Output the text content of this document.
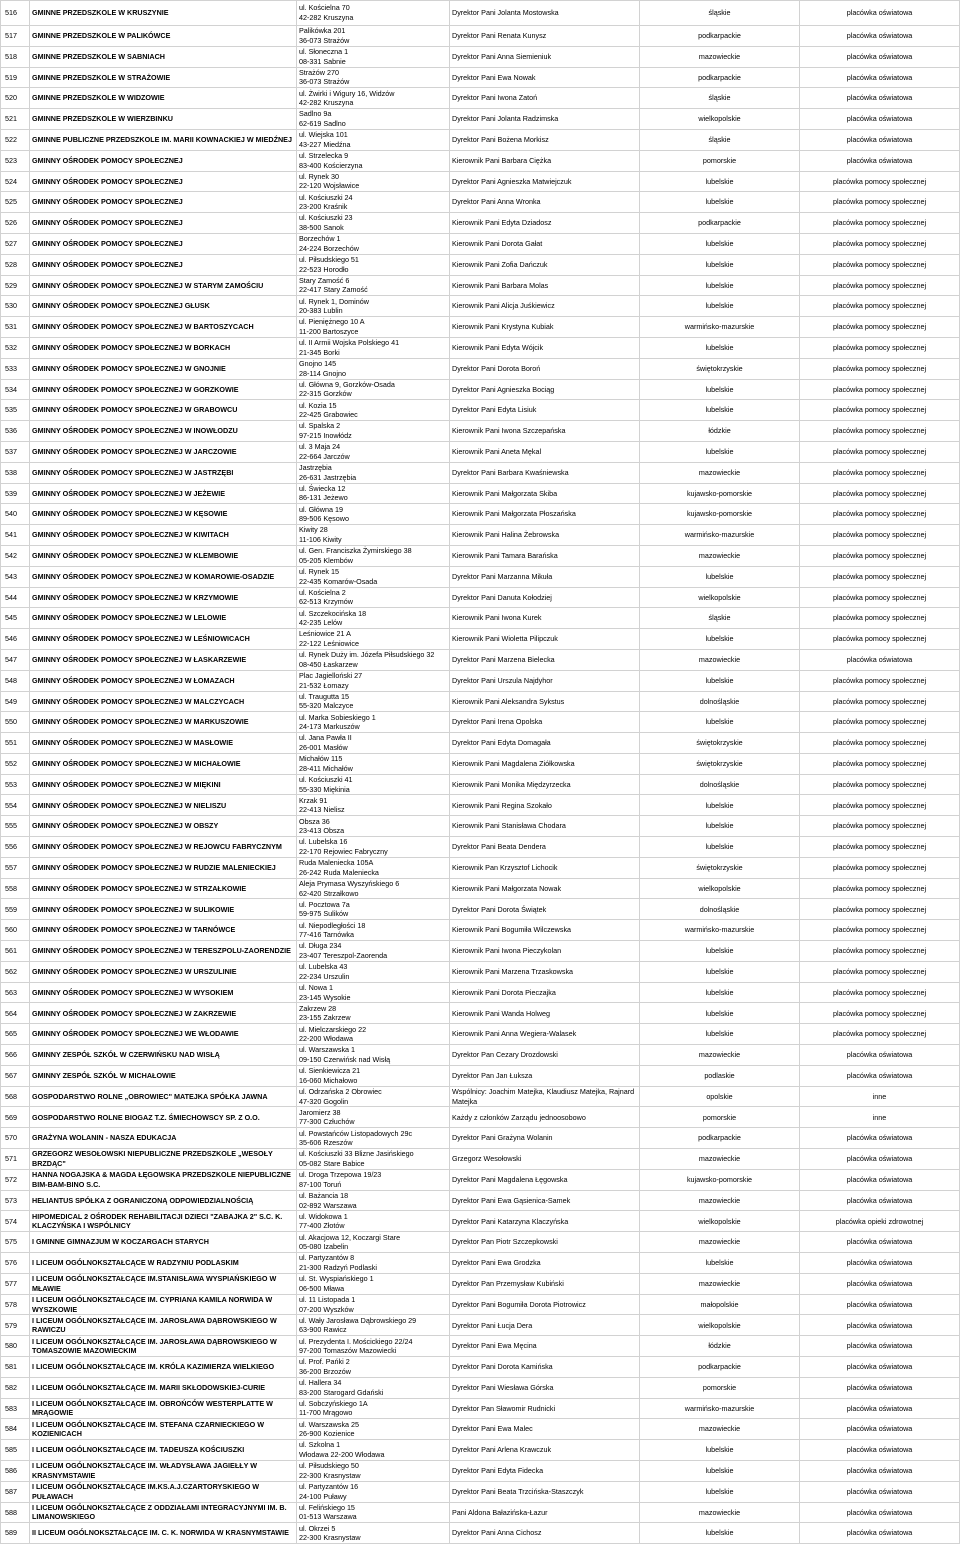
516	GMINNE PRZEDSZKOLE W KRUSZYNIE	ul. Kościelna 70
42-282 Kruszyna	Dyrektor Pani Jolanta Mostowska	śląskie	placówka oświatowa
517	GMINNE PRZEDSZKOLE W PALIKÓWCE	Palikówka 201
36-073 Strażów	Dyrektor Pani Renata Kunysz	podkarpackie	placówka oświatowa
518	GMINNE PRZEDSZKOLE W SABNIACH	ul. Słoneczna 1
08-331 Sabnie	Dyrektor Pani Anna Siemieniuk	mazowieckie	placówka oświatowa
519	GMINNE PRZEDSZKOLE W STRAŻOWIE	Strażów 270
36-073 Strażów	Dyrektor Pani Ewa Nowak	podkarpackie	placówka oświatowa
520	GMINNE PRZEDSZKOLE W WIDZOWIE	ul. Żwirki i Wigury 16, Widzów
42-282 Kruszyna	Dyrektor Pani Iwona Zatoń	śląskie	placówka oświatowa
521	GMINNE PRZEDSZKOLE W WIERZBINKU	Sadlno 9a
62-619 Sadlno	Dyrektor Pani Jolanta Radzimska	wielkopolskie	placówka oświatowa
522	GMINNE PUBLICZNE PRZEDSZKOLE IM. MARII KOWNACKIEJ W MIEDŹNEJ	ul. Wiejska 101
43-227 Miedźna	Dyrektor Pani Bożena Morkisz	śląskie	placówka oświatowa
523	GMINNY OŚRODEK POMOCY SPOŁECZNEJ	ul. Strzelecka 9
83-400 Kościerzyna	Kierownik Pani Barbara Ciężka	pomorskie	placówka oświatowa
524	GMINNY OŚRODEK POMOCY SPOŁECZNEJ	ul. Rynek 30
22-120 Wojsławice	Dyrektor Pani Agnieszka Matwiejczuk	lubelskie	placówka pomocy społecznej
525	GMINNY OŚRODEK POMOCY SPOŁECZNEJ	ul. Kościuszki 24
23-200 Kraśnik	Dyrektor Pani Anna Wronka	lubelskie	placówka pomocy społecznej
526	GMINNY OŚRODEK POMOCY SPOŁECZNEJ	ul. Kościuszki 23
38-500 Sanok	Kierownik Pani Edyta Dziadosz	podkarpackie	placówka pomocy społecznej
527	GMINNY OŚRODEK POMOCY SPOŁECZNEJ	Borzechów 1
24-224 Borzechów	Kierownik Pani Dorota Gałat	lubelskie	placówka pomocy społecznej
528	GMINNY OŚRODEK POMOCY SPOŁECZNEJ	ul. Piłsudskiego 51
22-523 Horodło	Kierownik Pani Zofia Dańczuk	lubelskie	placówka pomocy społecznej
529	GMINNY OŚRODEK POMOCY SPOŁECZNEJ W STARYM ZAMOŚCIU	Stary Zamość 6
22-417 Stary Zamość	Kierownik Pani Barbara Molas	lubelskie	placówka pomocy społecznej
530	GMINNY OŚRODEK POMOCY SPOŁECZNEJ GŁUSK	ul. Rynek 1, Dominów
20-383 Lublin	Kierownik Pani Alicja Juśkiewicz	lubelskie	placówka pomocy społecznej
531	GMINNY OŚRODEK POMOCY SPOŁECZNEJ W BARTOSZYCACH	ul. Pieniężnego 10 A
11-200 Bartoszyce	Kierownik Pani Krystyna Kubiak	warmińsko-mazurskie	placówka pomocy społecznej
532	GMINNY OŚRODEK POMOCY SPOŁECZNEJ W BORKACH	ul. II Armii Wojska Polskiego 41
21-345 Borki	Kierownik Pani Edyta Wójcik	lubelskie	placówka pomocy społecznej
533	GMINNY OŚRODEK POMOCY SPOŁECZNEJ W GNOJNIE	Gnojno 145
28-114 Gnojno	Dyrektor Pani Dorota Boroń	świętokrzyskie	placówka pomocy społecznej
534	GMINNY OŚRODEK POMOCY SPOŁECZNEJ W GORZKOWIE	ul. Główna 9, Gorzków-Osada
22-315 Gorzków	Dyrektor Pani Agnieszka Bociąg	lubelskie	placówka pomocy społecznej
535	GMINNY OŚRODEK POMOCY SPOŁECZNEJ W GRABOWCU	ul. Kozia 15
22-425 Grabowiec	Dyrektor Pani Edyta Lisiuk	lubelskie	placówka pomocy społecznej
536	GMINNY OŚRODEK POMOCY SPOŁECZNEJ W INOWŁODZU	ul. Spalska 2
97-215 Inowłódz	Kierownik Pani Iwona Szczepańska	łódzkie	placówka pomocy społecznej
537	GMINNY OŚRODEK POMOCY SPOŁECZNEJ W JARCZOWIE	ul. 3 Maja 24
22-664 Jarczów	Kierownik Pani Aneta Mękal	lubelskie	placówka pomocy społecznej
538	GMINNY OŚRODEK POMOCY SPOŁECZNEJ W JASTRZĘBI	Jastrzębia
26-631 Jastrzębia	Dyrektor Pani Barbara Kwaśniewska	mazowieckie	placówka pomocy społecznej
539	GMINNY OŚRODEK POMOCY SPOŁECZNEJ W JEŻEWIE	ul. Świecka 12
86-131 Jeżewo	Kierownik Pani Małgorzata Skiba	kujawsko-pomorskie	placówka pomocy społecznej
540	GMINNY OŚRODEK POMOCY SPOŁECZNEJ W KĘSOWIE	ul. Główna 19
89-506 Kęsowo	Kierownik Pani Małgorzata Płoszańska	kujawsko-pomorskie	placówka pomocy społecznej
541	GMINNY OŚRODEK POMOCY SPOŁECZNEJ W KIWITACH	Kiwity 28
11-106 Kiwity	Kierownik Pani Halina Żebrowska	warmińsko-mazurskie	placówka pomocy społecznej
542	GMINNY OŚRODEK POMOCY SPOŁECZNEJ W KLEMBOWIE	ul. Gen. Franciszka Żymirskiego 38
05-205 Klembów	Kierownik Pani Tamara Barańska	mazowieckie	placówka pomocy społecznej
543	GMINNY OŚRODEK POMOCY SPOŁECZNEJ W KOMAROWIE-OSADZIE	ul. Rynek 15
22-435 Komarów-Osada	Dyrektor Pani Marzanna Mikuła	lubelskie	placówka pomocy społecznej
544	GMINNY OŚRODEK POMOCY SPOŁECZNEJ W KRZYMOWIE	ul. Kościelna 2
62-513 Krzymów	Dyrektor Pani Danuta Kołodziej	wielkopolskie	placówka pomocy społecznej
545	GMINNY OŚRODEK POMOCY SPOŁECZNEJ W LELOWIE	ul. Szczekocińska 18
42-235 Lelów	Kierownik Pani Iwona Kurek	śląskie	placówka pomocy społecznej
546	GMINNY OŚRODEK POMOCY SPOŁECZNEJ W LEŚNIOWICACH	Leśniowice 21 A
22-122 Leśniowice	Kierownik Pani Wioletta Pilipczuk	lubelskie	placówka pomocy społecznej
547	GMINNY OŚRODEK POMOCY SPOŁECZNEJ W ŁASKARZEWIE	ul. Rynek Duży im. Józefa Piłsudskiego 32
08-450 Łaskarzew	Dyrektor Pani Marzena Bielecka	mazowieckie	placówka oświatowa
548	GMINNY OŚRODEK POMOCY SPOŁECZNEJ W ŁOMAZACH	Plac Jagielloński 27
21-532 Łomazy	Dyrektor Pani Urszula Najdyhor	lubelskie	placówka pomocy społecznej
549	GMINNY OŚRODEK POMOCY SPOŁECZNEJ W MALCZYCACH	ul. Traugutta 15
55-320 Malczyce	Kierownik Pani Aleksandra Sykstus	dolnośląskie	placówka pomocy społecznej
550	GMINNY OŚRODEK POMOCY SPOŁECZNEJ W MARKUSZOWIE	ul. Marka Sobieskiego 1
24-173 Markuszów	Dyrektor Pani Irena Opolska	lubelskie	placówka pomocy społecznej
551	GMINNY OŚRODEK POMOCY SPOŁECZNEJ W MASŁOWIE	ul. Jana Pawła II
26-001 Masłów	Dyrektor Pani Edyta Domagała	świętokrzyskie	placówka pomocy społecznej
552	GMINNY OŚRODEK POMOCY SPOŁECZNEJ W MICHAŁOWIE	Michałów 115
28-411 Michałów	Kierownik Pani Magdalena Ziółkowska	świętokrzyskie	placówka pomocy społecznej
553	GMINNY OŚRODEK POMOCY SPOŁECZNEJ W MIĘKINI	ul. Kościuszki 41
55-330 Miękinia	Kierownik Pani Monika Międzyrzecka	dolnośląskie	placówka pomocy społecznej
554	GMINNY OŚRODEK POMOCY SPOŁECZNEJ W NIELISZU	Krzak 91
22-413 Nielisz	Kierownik Pani Regina Szokało	lubelskie	placówka pomocy społecznej
555	GMINNY OŚRODEK POMOCY SPOŁECZNEJ W OBSZY	Obsza 36
23-413 Obsza	Kierownik Pani Stanisława Chodara	lubelskie	placówka pomocy społecznej
556	GMINNY OŚRODEK POMOCY SPOŁECZNEJ W REJOWCU FABRYCZNYM	ul. Lubelska 16
22-170 Rejowiec Fabryczny	Dyrektor Pani Beata Dendera	lubelskie	placówka pomocy społecznej
557	GMINNY OŚRODEK POMOCY SPOŁECZNEJ W RUDZIE MALENIECKIEJ	Ruda Maleniecka 105A
26-242 Ruda Maleniecka	Kierownik Pan Krzysztof Lichocik	świętokrzyskie	placówka pomocy społecznej
558	GMINNY OŚRODEK POMOCY SPOŁECZNEJ W STRZAŁKOWIE	Aleja Prymasa Wyszyńskiego 6
62-420 Strzałkowo	Kierownik Pani Małgorzata Nowak	wielkopolskie	placówka pomocy społecznej
559	GMINNY OŚRODEK POMOCY SPOŁECZNEJ W SULIKOWIE	ul. Pocztowa 7a
59-975 Sulików	Dyrektor Pani Dorota Świątek	dolnośląskie	placówka pomocy społecznej
560	GMINNY OŚRODEK POMOCY SPOŁECZNEJ W TARNÓWCE	ul. Niepodległości 18
77-416 Tarnówka	Kierownik Pani Bogumiła Wilczewska	warmińsko-mazurskie	placówka pomocy społecznej
561	GMINNY OŚRODEK POMOCY SPOŁECZNEJ W TERESZPOLU-ZAORENDZIE	ul. Długa 234
23-407 Tereszpol-Zaorenda	Kierownik Pani Iwona Pieczykolan	lubelskie	placówka pomocy społecznej
562	GMINNY OŚRODEK POMOCY SPOŁECZNEJ W URSZULINIE	ul. Lubelska 43
22-234 Urszulin	Kierownik Pani Marzena Trzaskowska	lubelskie	placówka pomocy społecznej
563	GMINNY OŚRODEK POMOCY SPOŁECZNEJ W WYSOKIEM	ul. Nowa 1
23-145 Wysokie	Kierownik Pani Dorota Pieczajka	lubelskie	placówka pomocy społecznej
564	GMINNY OŚRODEK POMOCY SPOŁECZNEJ W ZAKRZEWIE	Zakrzew 28
23-155 Zakrzew	Kierownik Pani Wanda Holweg	lubelskie	placówka pomocy społecznej
565	GMINNY OŚRODEK POMOCY SPOŁECZNEJ WE WŁODAWIE	ul. Mielczarskiego 22
22-200 Włodawa	Kierownik Pani Anna Wegiera-Walasek	lubelskie	placówka pomocy społecznej
566	GMINNY ZESPÓŁ SZKÓŁ W CZERWIŃSKU NAD WISŁĄ	ul. Warszawska 1
09-150 Czerwińsk nad Wisłą	Dyrektor Pan Cezary Drozdowski	mazowieckie	placówka oświatowa
567	GMINNY ZESPÓŁ SZKÓŁ W MICHAŁOWIE	ul. Sienkiewicza 21
16-060 Michałowo	Dyrektor Pan Jan Łuksza	podlaskie	placówka oświatowa
568	GOSPODARSTWO ROLNE „OBROWIEC" MATEJKA SPÓŁKA JAWNA	ul. Odrzańska 2 Obrowiec
47-320 Gogolin	Wspólnicy: Joachim Matejka, Klaudiusz Matejka, Rajnard Matejka	opolskie	inne
569	GOSPODARSTWO ROLNE BIOGAZ T.Z. ŚMIECHOWSCY SP. Z O.O.	Jaromierz 38
77-300 Człuchów	Każdy z członków Zarządu jednoosobowo	pomorskie	inne
570	GRAŻYNA WOLANIN - NASZA EDUKACJA	ul. Powstańców Listopadowych 29c
35-606 Rzeszów	Dyrektor Pani Grażyna Wolanin	podkarpackie	placówka oświatowa
571	GRZEGORZ WESOŁOWSKI NIEPUBLICZNE PRZEDSZKOLE „WESOŁY BRZDĄC"	ul. Kościuszki 33 Blizne Jasińskiego
05-082 Stare Babice	Grzegorz Wesołowski	mazowieckie	placówka oświatowa
572	HANNA NOGAJSKA & MAGDA ŁĘGOWSKA PRZEDSZKOLE NIEPUBLICZNE BIM-BAM-BINO S.C.	ul. Droga Trzepowa 19/23
87-100 Toruń	Dyrektor Pani Magdalena Łęgowska	kujawsko-pomorskie	placówka oświatowa
573	HELIANTUS SPÓŁKA Z OGRANICZONĄ ODPOWIEDZIALNOŚCIĄ	ul. Bażancia 18
02-892 Warszawa	Dyrektor Pani Ewa Gąsienica-Samek	mazowieckie	placówka oświatowa
574	HIPOMEDICAL 2 OŚRODEK REHABILITACJI DZIECI "ZABAJKA 2" S.C. K. KLACZYŃSKA I WSPÓLNICY	ul. Widokowa 1
77-400 Złotów	Dyrektor Pani Katarzyna Klaczyńska	wielkopolskie	placówka opieki zdrowotnej
575	I GMINNE GIMNAZJUM W KOCZARGACH STARYCH	ul. Akacjowa 12, Koczargi Stare
05-080 Izabelin	Dyrektor Pan Piotr Szczepkowski	mazowieckie	placówka oświatowa
576	I LICEUM OGÓLNOKSZTAŁCĄCE W RADZYNIU PODLASKIM	ul. Partyzantów 8
21-300 Radzyń Podlaski	Dyrektor Pani Ewa Grodzka	lubelskie	placówka oświatowa
577	I LICEUM OGÓLNOKSZTAŁCĄCE IM.STANISŁAWA WYSPIAŃSKIEGO W MŁAWIE	ul. St. Wyspiańskiego 1
06-500 Mława	Dyrektor Pan Przemysław Kubiński	mazowieckie	placówka oświatowa
578	I LICEUM OGÓLNOKSZTAŁCĄCE IM. CYPRIANA KAMILA NORWIDA W WYSZKOWIE	ul. 11 Listopada 1
07-200 Wyszków	Dyrektor Pani Bogumiła Dorota Piotrowicz	małopolskie	placówka oświatowa
579	I LICEUM OGÓLNOKSZTAŁCĄCE IM. JAROSŁAWA DĄBROWSKIEGO W RAWICZU	ul. Wały Jarosława Dąbrowskiego 29
63-900 Rawicz	Dyrektor Pani Łucja Dera	wielkopolskie	placówka oświatowa
580	I LICEUM OGÓLNOKSZTAŁCĄCE IM. JAROSŁAWA DĄBROWSKIEGO W TOMASZOWIE MAZOWIECKIM	ul. Prezydenta I. Mościckiego 22/24
97-200 Tomaszów Mazowiecki	Dyrektor Pani Ewa Męcina	łódzkie	placówka oświatowa
581	I LICEUM OGÓLNOKSZTAŁCĄCE IM. KRÓLA KAZIMIERZA WIELKIEGO	ul. Prof. Pańki 2
36-200 Brzozów	Dyrektor Pani Dorota Kamińska	podkarpackie	placówka oświatowa
582	I LICEUM OGÓLNOKSZTAŁCĄCE IM. MARII SKŁODOWSKIEJ-CURIE	ul. Hallera 34
83-200 Starogard Gdański	Dyrektor Pani Wiesława Górska	pomorskie	placówka oświatowa
583	I LICEUM OGÓLNOKSZTAŁCĄCE IM. OBROŃCÓW WESTERPLATTE W MRĄGOWIE	ul. Sobczyńskiego 1A
11-700 Mrągowo	Dyrektor Pan Sławomir Rudnicki	warmińsko-mazurskie	placówka oświatowa
584	I LICEUM OGÓLNOKSZTAŁCĄCE IM. STEFANA CZARNIECKIEGO W KOZIENICACH	ul. Warszawska 25
26-900 Kozienice	Dyrektor Pani Ewa Malec	mazowieckie	placówka oświatowa
585	I LICEUM OGÓLNOKSZTAŁCĄCE IM. TADEUSZA KOŚCIUSZKI	ul. Szkolna 1
Włodawa 22-200 Włodawa	Dyrektor Pani Arlena Krawczuk	lubelskie	placówka oświatowa
586	I LICEUM OGÓLNOKSZTAŁCĄCE IM. WŁADYSŁAWA JAGIEŁŁY W KRASNYMSTAWIE	ul. Piłsudskiego 50
22-300 Krasnystaw	Dyrektor Pani Edyta Fidecka	lubelskie	placówka oświatowa
587	I LICEUM OGÓLNOKSZTAŁCĄCE IM.KS.A.J.CZARTORYSKIEGO W PUŁAWACH	ul. Partyzantów 16
24-100 Puławy	Dyrektor Pani Beata Trzcińska-Staszczyk	lubelskie	placówka oświatowa
588	I LICEUM OGÓLNOKSZTAŁCĄCE Z ODDZIAŁAMI INTEGRACYJNYMI IM. B. LIMANOWSKIEGO	ul. Felińskiego 15
01-513 Warszawa	Pani Aldona Bałazińska-Łazur	mazowieckie	placówka oświatowa
589	II LICEUM OGÓLNOKSZTAŁCĄCE IM. C. K. NORWIDA W KRASNYMSTAWIE	ul. Okrzei 5
22-300 Krasnystaw	Dyrektor Pani Anna Cichosz	lubelskie	placówka oświatowa
